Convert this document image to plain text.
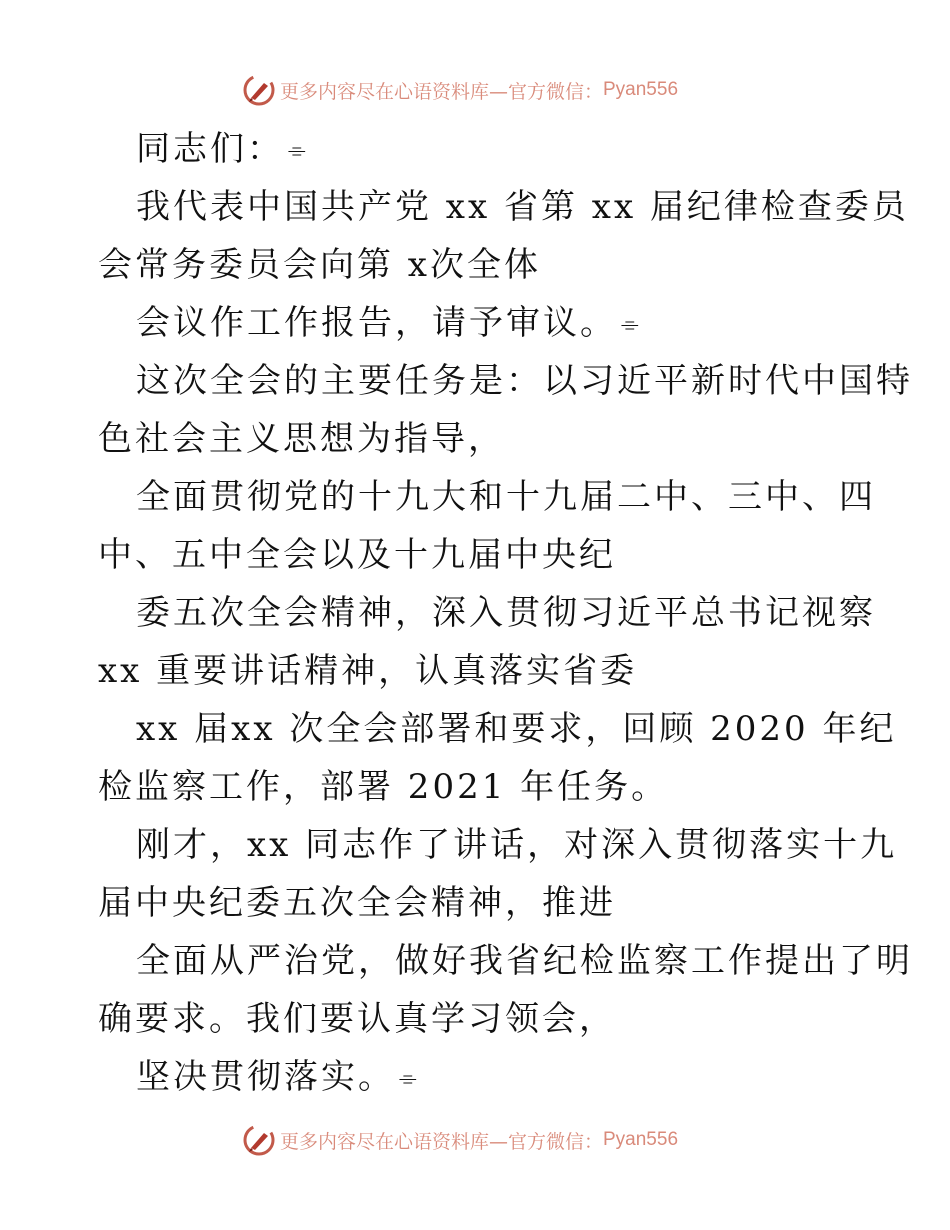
更多内容尽在心语资料库—官方微信： Pyan556
同志们： ⌯
我代表中国共产党 xx 省第 xx 届纪律检查委员
会常务委员会向第 x次全体
会议作工作报告，请予审议。 ⌯
这次全会的主要任务是：以习近平新时代中国特
色社会主义思想为指导，
全面贯彻党的十九大和十九届二中、三中、四
中、五中全会以及十九届中央纪
委五次全会精神，深入贯彻习近平总书记视察
xx 重要讲话精神，认真落实省委
xx 届xx 次全会部署和要求，回顾 2020 年纪
检监察工作，部署 2021 年任务。
刚才，xx 同志作了讲话，对深入贯彻落实十九
届中央纪委五次全会精神，推进
全面从严治党，做好我省纪检监察工作提出了明
确要求。我们要认真学习领会，
坚决贯彻落实。 ⌯
更多内容尽在心语资料库—官方微信： Pyan556
